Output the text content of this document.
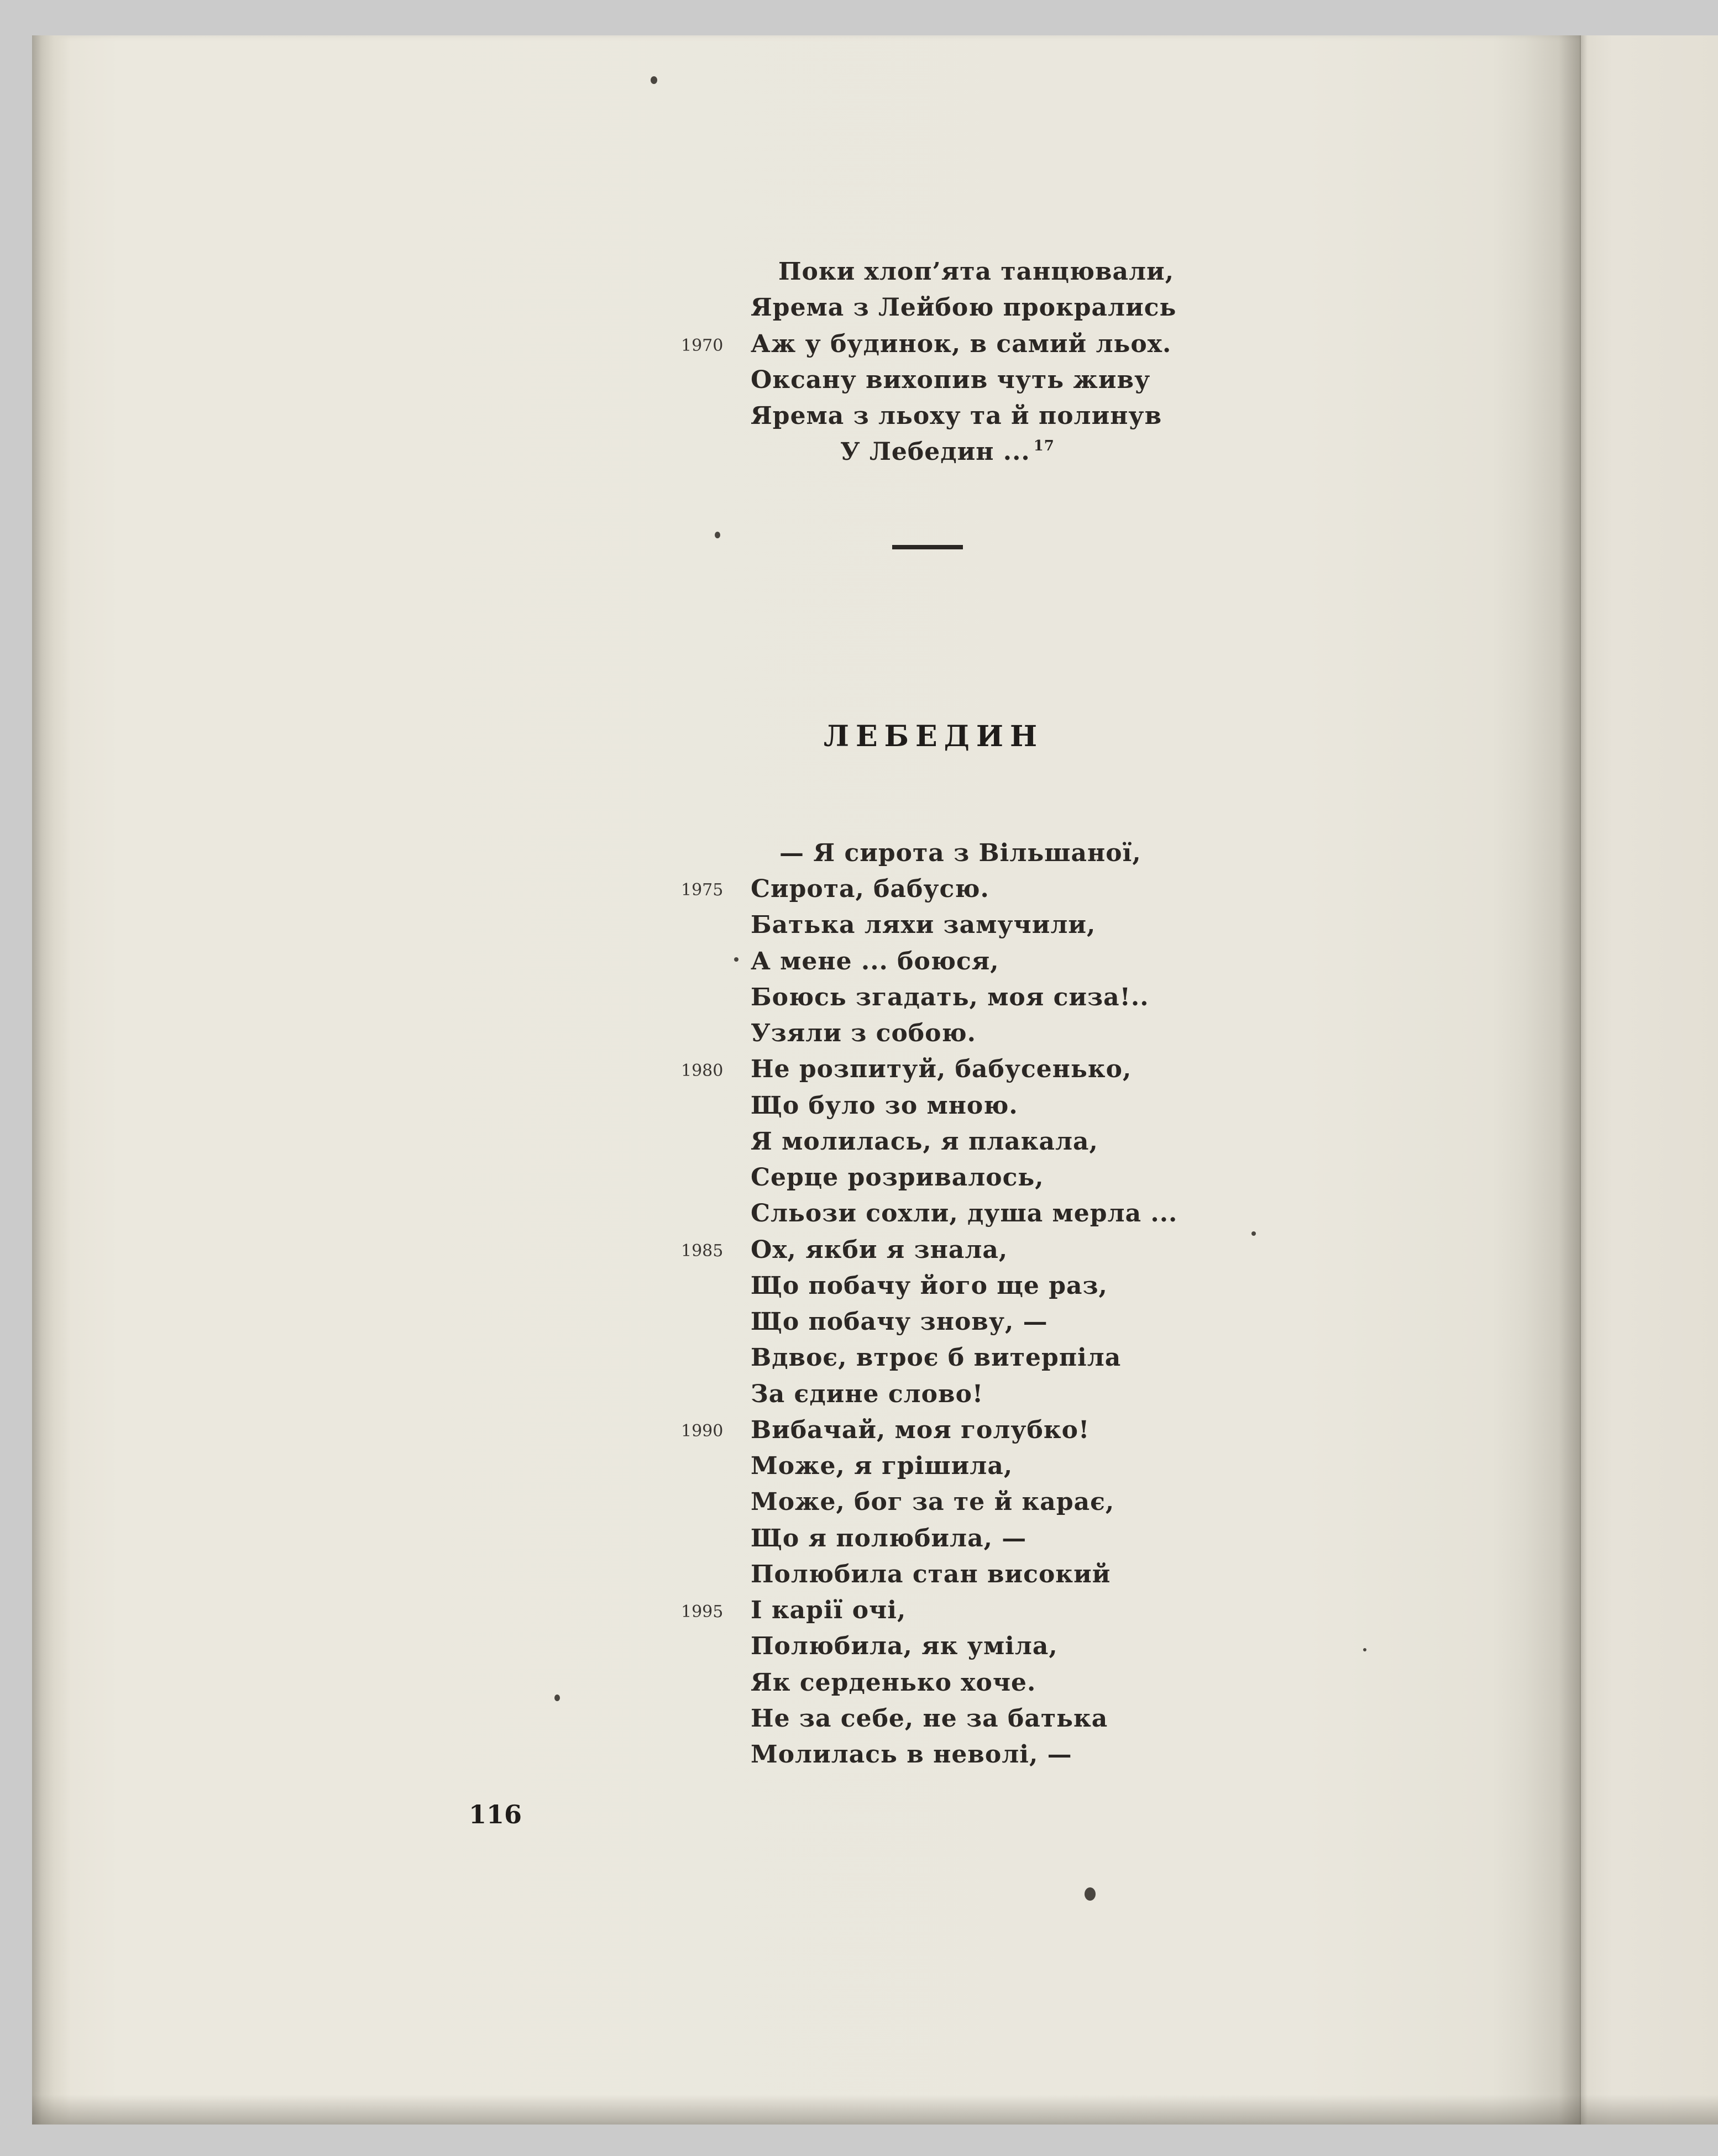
Поки хлоп’ята танцювали,
Ярема з Лейбою прокрались
1970 Аж у будинок, в самий льох.
Оксану вихопив чуть живу
Ярема з льоху та й полинув
У Лебедин ... $^{17}$
ЛЕБЕДИН
— Я сирота з Вільшаної,
1975 Сирота, бабусю.
Батька ляхи замучили,
А мене ... боюся,
Боюсь згадать, моя сиза!..
Узяли з собою.
1980 Не розпитуй, бабусенько,
Що було зо мною.
Я молилась, я плакала,
Серце розривалось,
Сльози сохли, душа мерла ...
1985 Ох, якби я знала,
Що побачу його ще раз,
Що побачу знову, —
Вдвоє, втроє б витерпіла
За єдине слово!
1990 Вибачай, моя голубко!
Може, я грішила,
Може, бог за те й карає,
Що я полюбила, —
Полюбила стан високий
1995 І карії очі,
Полюбила, як уміла,
Як серденько хоче.
Не за себе, не за батька
Молилась в неволі, —
116
